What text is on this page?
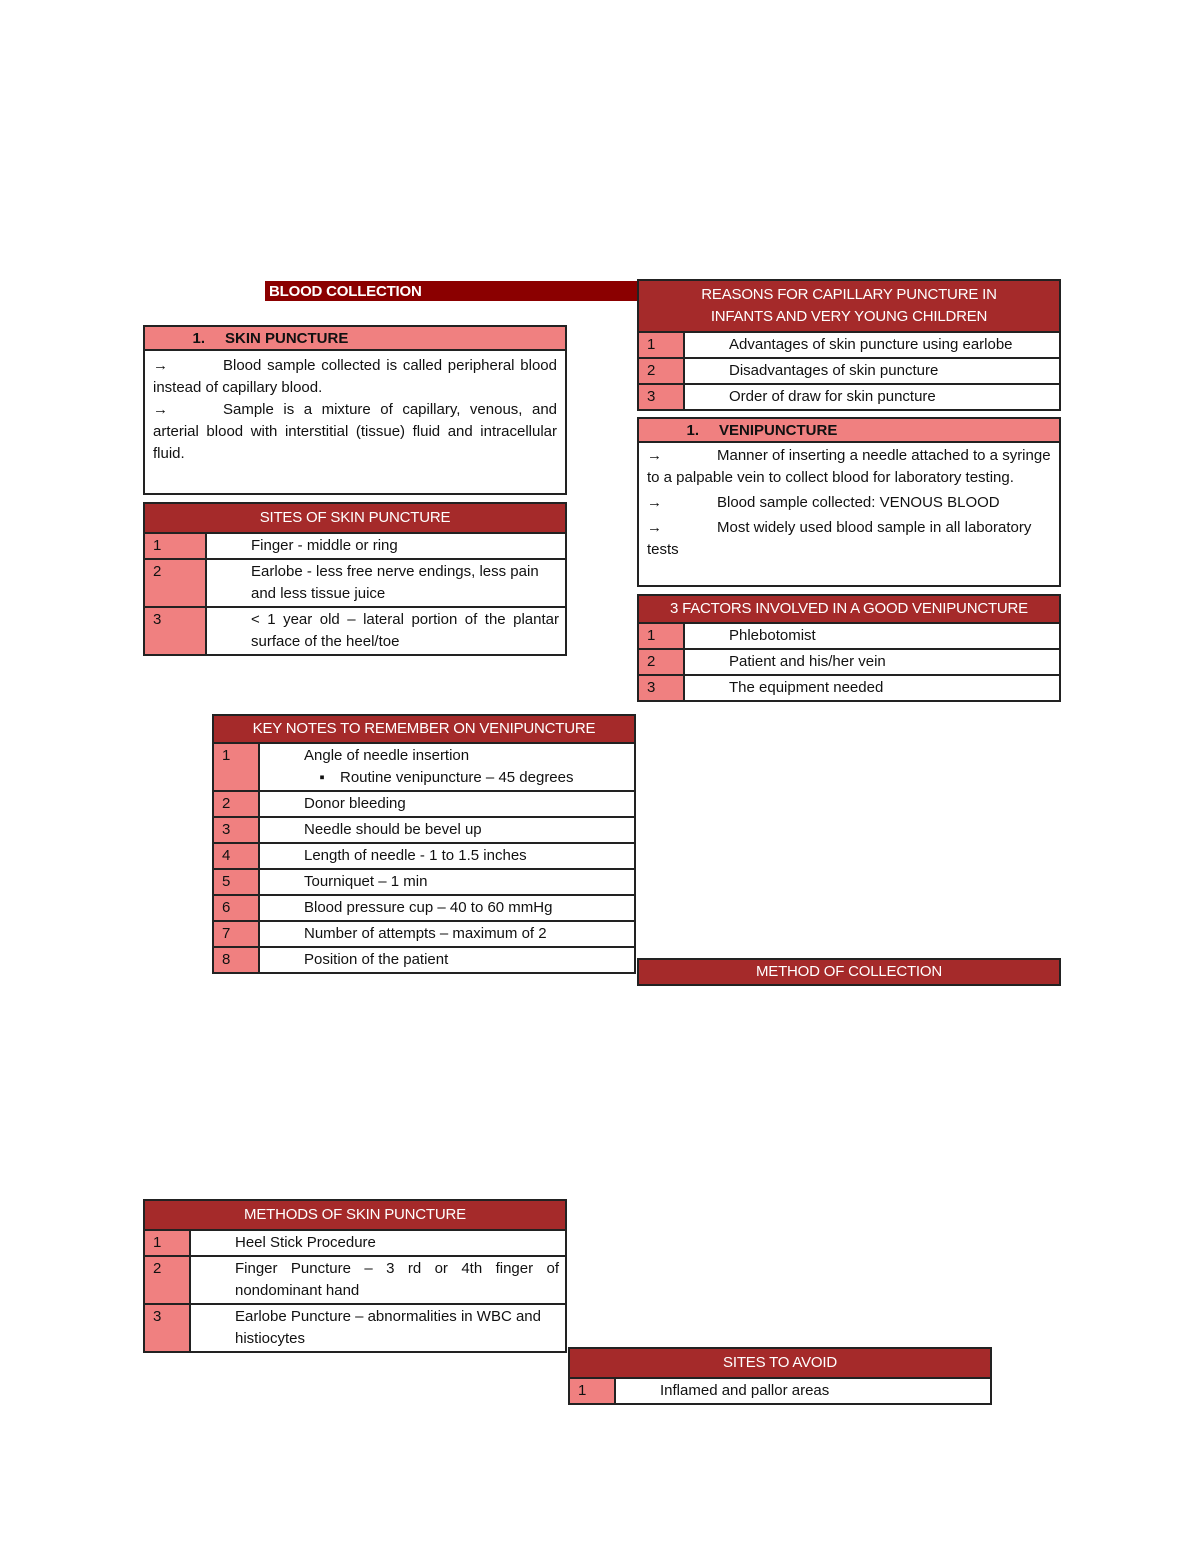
BLOOD COLLECTION
1. SKIN PUNCTURE
→	Blood sample collected is called peripheral blood instead of capillary blood.
→	Sample is a mixture of capillary, venous, and arterial blood with interstitial (tissue) fluid and intracellular fluid.
SITES OF SKIN PUNCTURE
1	Finger - middle or ring
2	Earlobe - less free nerve endings, less pain and less tissue juice
3	< 1 year old – lateral portion of the plantar surface of the heel/toe
REASONS FOR CAPILLARY PUNCTURE IN INFANTS AND VERY YOUNG CHILDREN
1	Advantages of skin puncture using earlobe
2	Disadvantages of skin puncture
3	Order of draw for skin puncture
1. VENIPUNCTURE
→	Manner of inserting a needle attached to a syringe to a palpable vein to collect blood for laboratory testing.
→	Blood sample collected: VENOUS BLOOD
→	Most widely used blood sample in all laboratory tests
3 FACTORS INVOLVED IN A GOOD VENIPUNCTURE
1	Phlebotomist
2	Patient and his/her vein
3	The equipment needed
KEY NOTES TO REMEMBER ON VENIPUNCTURE
1	Angle of needle insertion
▪ Routine venipuncture – 45 degrees

2	Donor bleeding
3	Needle should be bevel up
4	Length of needle - 1 to 1.5 inches
5	Tourniquet – 1 min
6	Blood pressure cup – 40 to 60 mmHg
7	Number of attempts – maximum of 2
8	Position of the patient
METHOD OF COLLECTION
METHODS OF SKIN PUNCTURE
1	Heel Stick Procedure
2	Finger Puncture – 3 rd or 4th finger of nondominant hand
3	Earlobe Puncture – abnormalities in WBC and histiocytes
SITES TO AVOID
1	Inflamed and pallor areas
